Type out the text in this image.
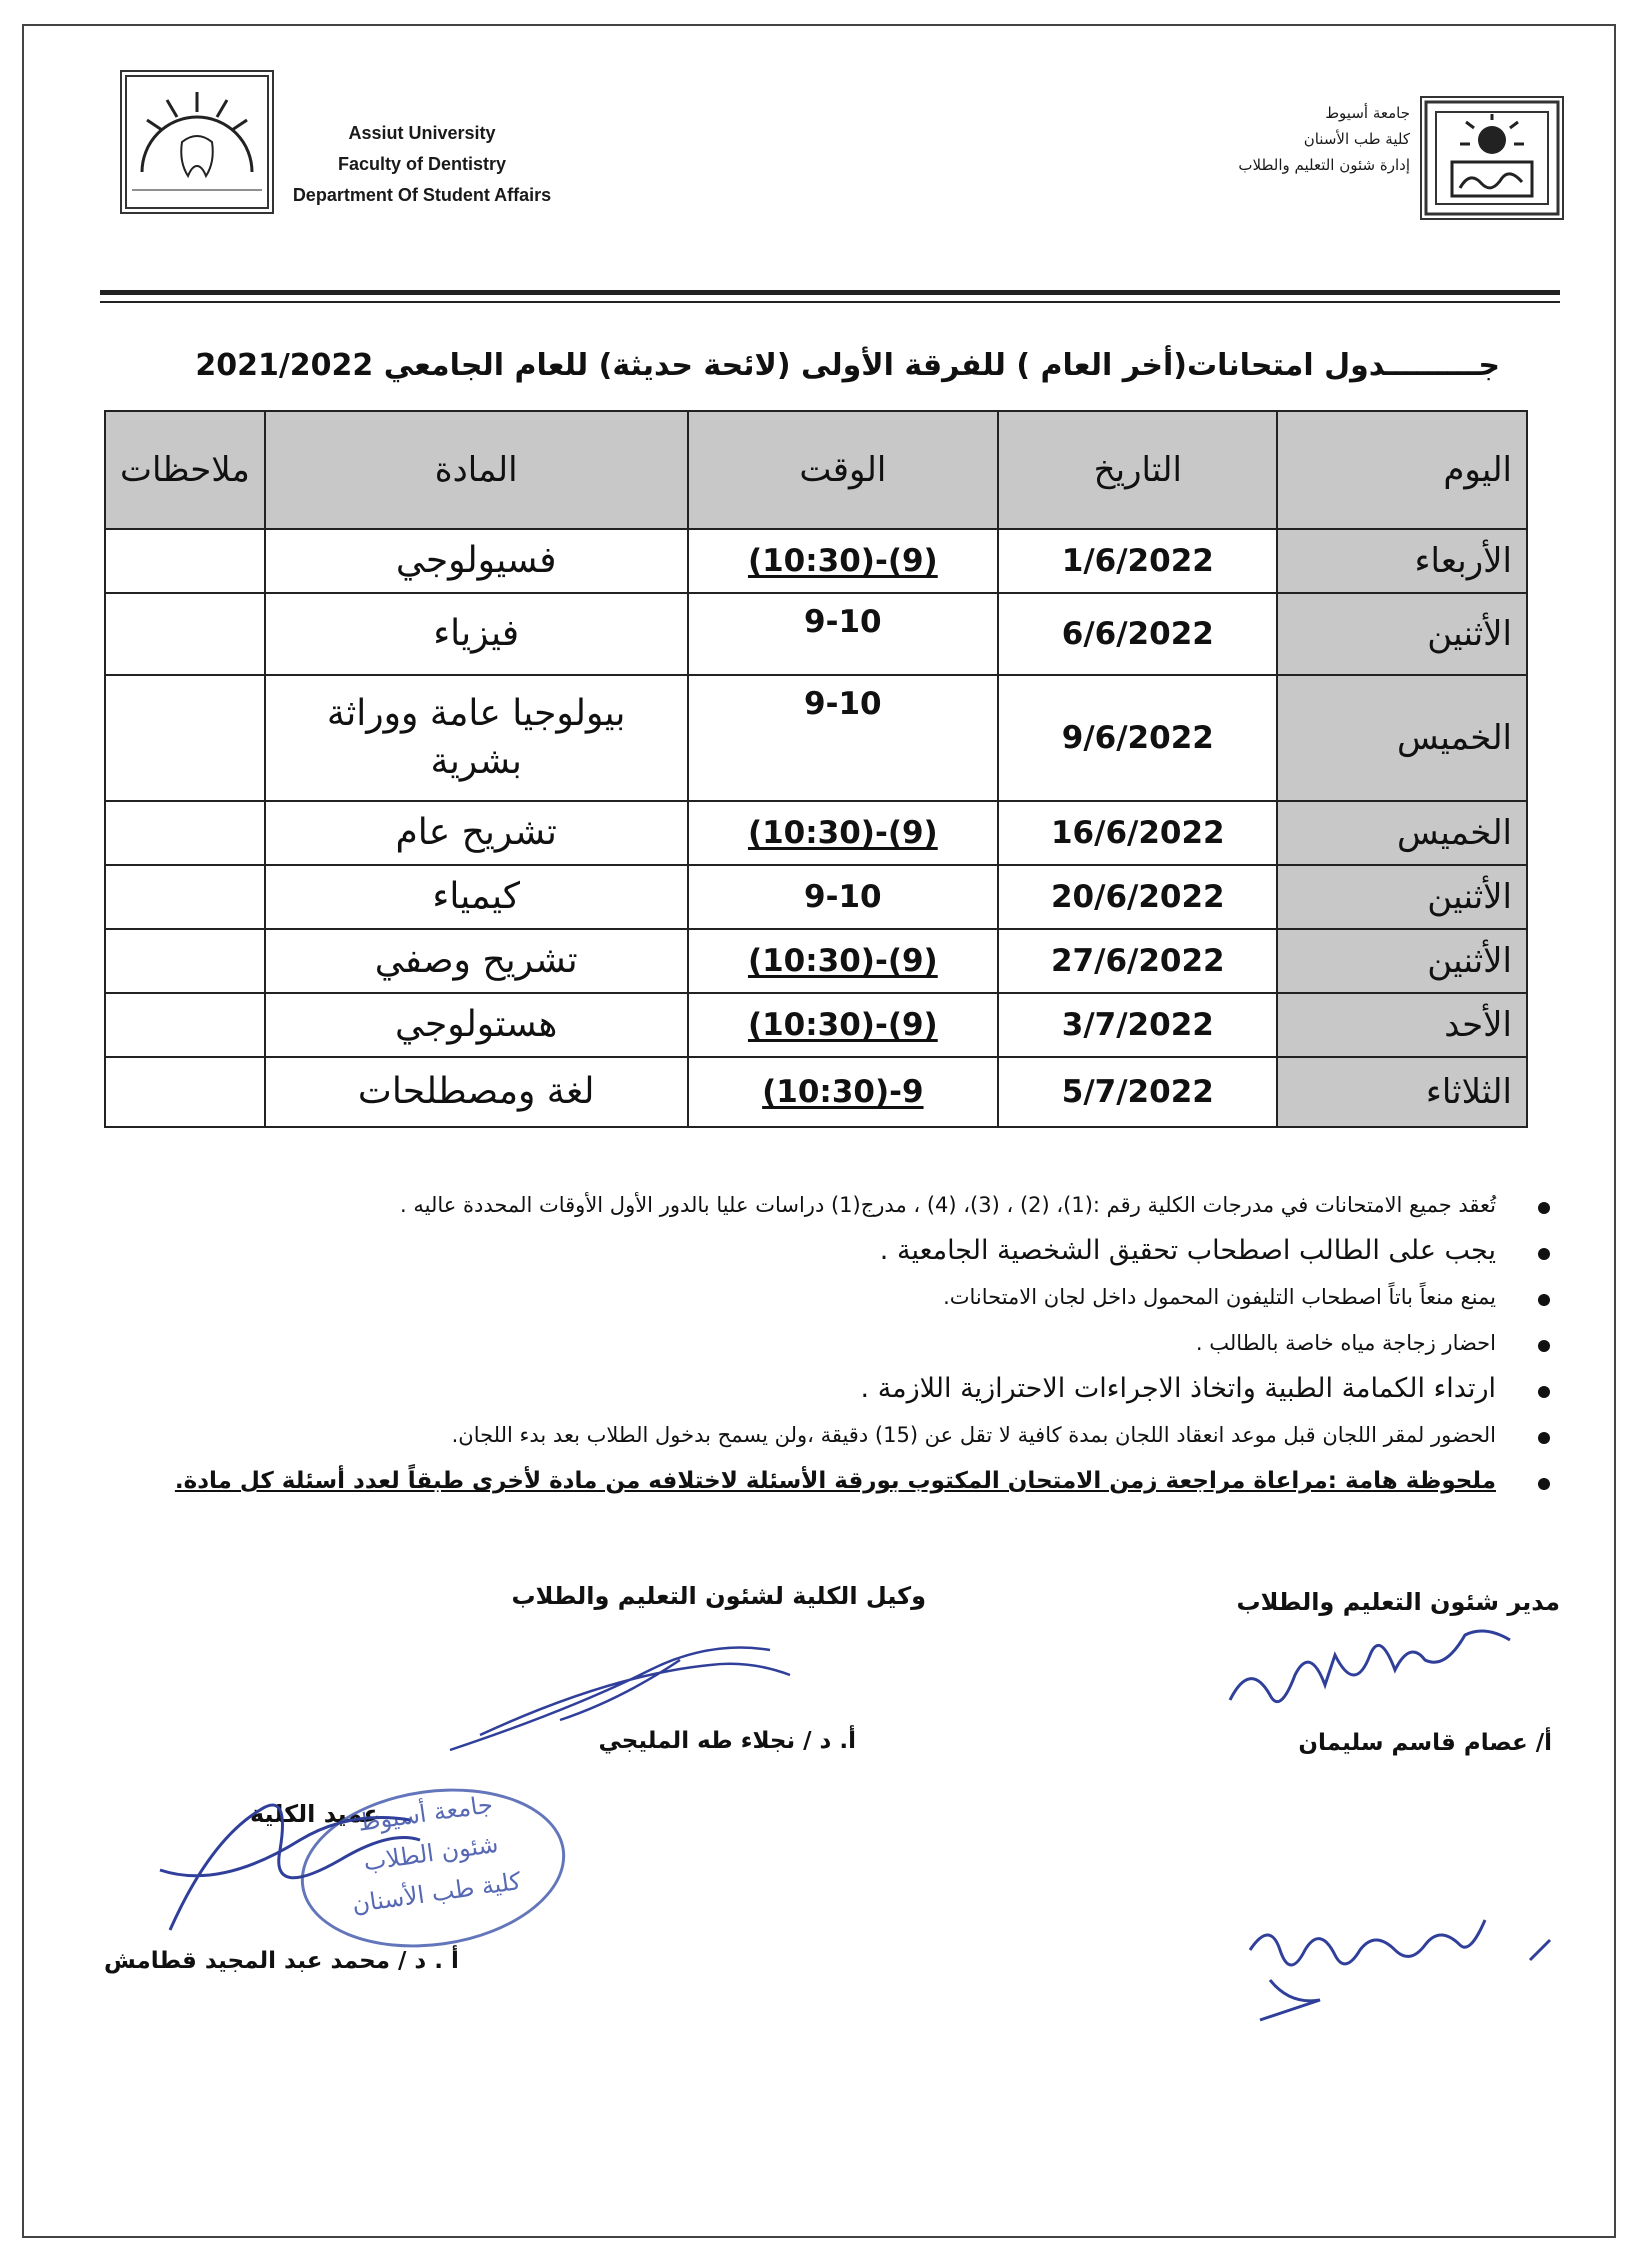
Assiut University
Faculty of Dentistry
Department Of Student Affairs
جامعة أسيوط
كلية طب الأسنان
إدارة شئون التعليم والطلاب
جـــــــــدول امتحانات(أخر العام ) للفرقة الأولى (لائحة حديثة) للعام الجامعي 2021/2022
اليوم	التاريخ	الوقت	المادة	ملاحظات
الأربعاء	1/6/2022	(10:30)-(9)	فسيولوجي	
الأثنين	6/6/2022	9-10	فيزياء	
الخميس	9/6/2022	9-10	بيولوجيا عامة ووراثة بشرية	
الخميس	16/6/2022	(10:30)-(9)	تشريح عام	
الأثنين	20/6/2022	9-10	كيمياء	
الأثنين	27/6/2022	(10:30)-(9)	تشريح وصفي	
الأحد	3/7/2022	(10:30)-(9)	هستولوجي	
الثلاثاء	5/7/2022	(10:30)-9	لغة ومصطلحات	
تُعقد جميع الامتحانات في مدرجات الكلية رقم :(1)، (2) ، (3)، (4) ، مدرج(1) دراسات عليا بالدور الأول الأوقات المحددة عاليه .
يجب على الطالب اصطحاب تحقيق الشخصية الجامعية .
يمنع منعاً باتاً اصطحاب التليفون المحمول داخل لجان الامتحانات.
احضار زجاجة مياه خاصة بالطالب .
ارتداء الكمامة الطبية واتخاذ الاجراءات الاحترازية اللازمة .
الحضور لمقر اللجان قبل موعد انعقاد اللجان بمدة كافية لا تقل عن (15) دقيقة ،ولن يسمح بدخول الطلاب بعد بدء اللجان.
ملحوظة هامة :مراعاة مراجعة زمن الامتحان المكتوب بورقة الأسئلة لاختلافه من مادة لأخرى طبقاً لعدد أسئلة كل مادة.
مدير شئون التعليم والطلاب
وكيل الكلية لشئون التعليم والطلاب
أ/ عصام قاسم سليمان
أ. د / نجلاء طه المليجي
عميد الكلية
جامعة أسيوط
شئون الطلاب
كلية طب الأسنان
أ . د / محمد عبد المجيد قطامش
